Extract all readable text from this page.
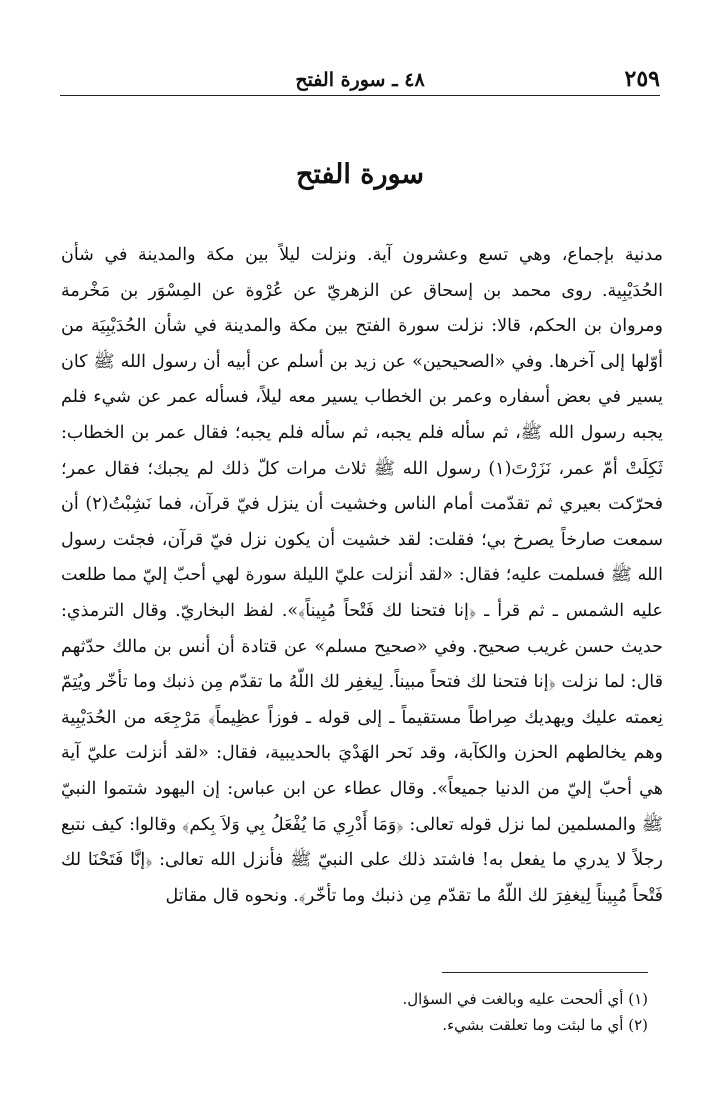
٢٥٩
٤٨ ـ سورة الفتح
سورة الفتح

مدنية بإجماع، وهي تسع وعشرون آية. ونزلت ليلاً بين مكة والمدينة في شأن الحُدَيْبِية. روى محمد بن إسحاق عن الزهريّ عن عُرْوة عن المِسْوَر بن مَخْرمة ومروان بن الحكم، قالا: نزلت سورة الفتح بين مكة والمدينة في شأن الحُدَيْبِيَة من أوّلها إلى آخرها. وفي «الصحيحين» عن زيد بن أسلم عن أبيه أن رسول الله ﷺ كان يسير في بعض أسفاره وعمر بن الخطاب يسير معه ليلاً، فسأله عمر عن شيء فلم يجبه رسول الله ﷺ، ثم سأله فلم يجبه، ثم سأله فلم يجبه؛ فقال عمر بن الخطاب: ثَكِلَتْ أمّ عمر، نَزَرْتَ(١) رسول الله ﷺ ثلاث مرات كلّ ذلك لم يجبك؛ فقال عمر؛ فحرّكت بعيري ثم تقدّمت أمام الناس وخشيت أن ينزل فيّ قرآن، فما نَشِبْتُ(٢) أن سمعت صارخاً يصرخ بي؛ فقلت: لقد خشيت أن يكون نزل فيّ قرآن، فجئت رسول الله ﷺ فسلمت عليه؛ فقال: «لقد أنزلت عليّ الليلة سورة لهي أحبّ إليّ مما طلعت عليه الشمس ـ ثم قرأ ـ ﴿إنا فتحنا لك فَتْحاً مُبِيناً﴾». لفظ البخاريّ. وقال الترمذي: حديث حسن غريب صحيح. وفي «صحيح مسلم» عن قتادة أن أنس بن مالك حدّثهم قال: لما نزلت ﴿إنا فتحنا لك فتحاً مبيناً. لِيغفِر لك اللّهُ ما تقدّم مِن ذنبك وما تأخّر ويُتِمّ نِعمته عليك ويهديك صِراطاً مستقيماً ـ إلى قوله ـ فوزاً عظِيماً﴾ مَرْجِعَه من الحُدَيْبِية وهم يخالطهم الحزن والكآبة، وقد نَحر الهَدْيَ بالحديبية، فقال: «لقد أنزلت عليّ آية هي أحبّ إليّ من الدنيا جميعاً». وقال عطاء عن ابن عباس: إن اليهود شتموا النبيّ ﷺ والمسلمين لما نزل قوله تعالى: ﴿وَمَا أَدْرِي مَا يُفْعَلُ بِي وَلاَ بِكم﴾ وقالوا: كيف نتبع رجلاً لا يدري ما يفعل به! فاشتد ذلك على النبيّ ﷺ فأنزل الله تعالى: ﴿إنَّا فَتَحْنَا لك فَتْحاً مُبِيناً لِيغفِرَ لك اللّهُ ما تقدّم مِن ذنبك وما تأخّر﴾. ونحوه قال مقاتل

(١) أي ألححت عليه وبالغت في السؤال.

(٢) أي ما لبثت وما تعلقت بشيء.
